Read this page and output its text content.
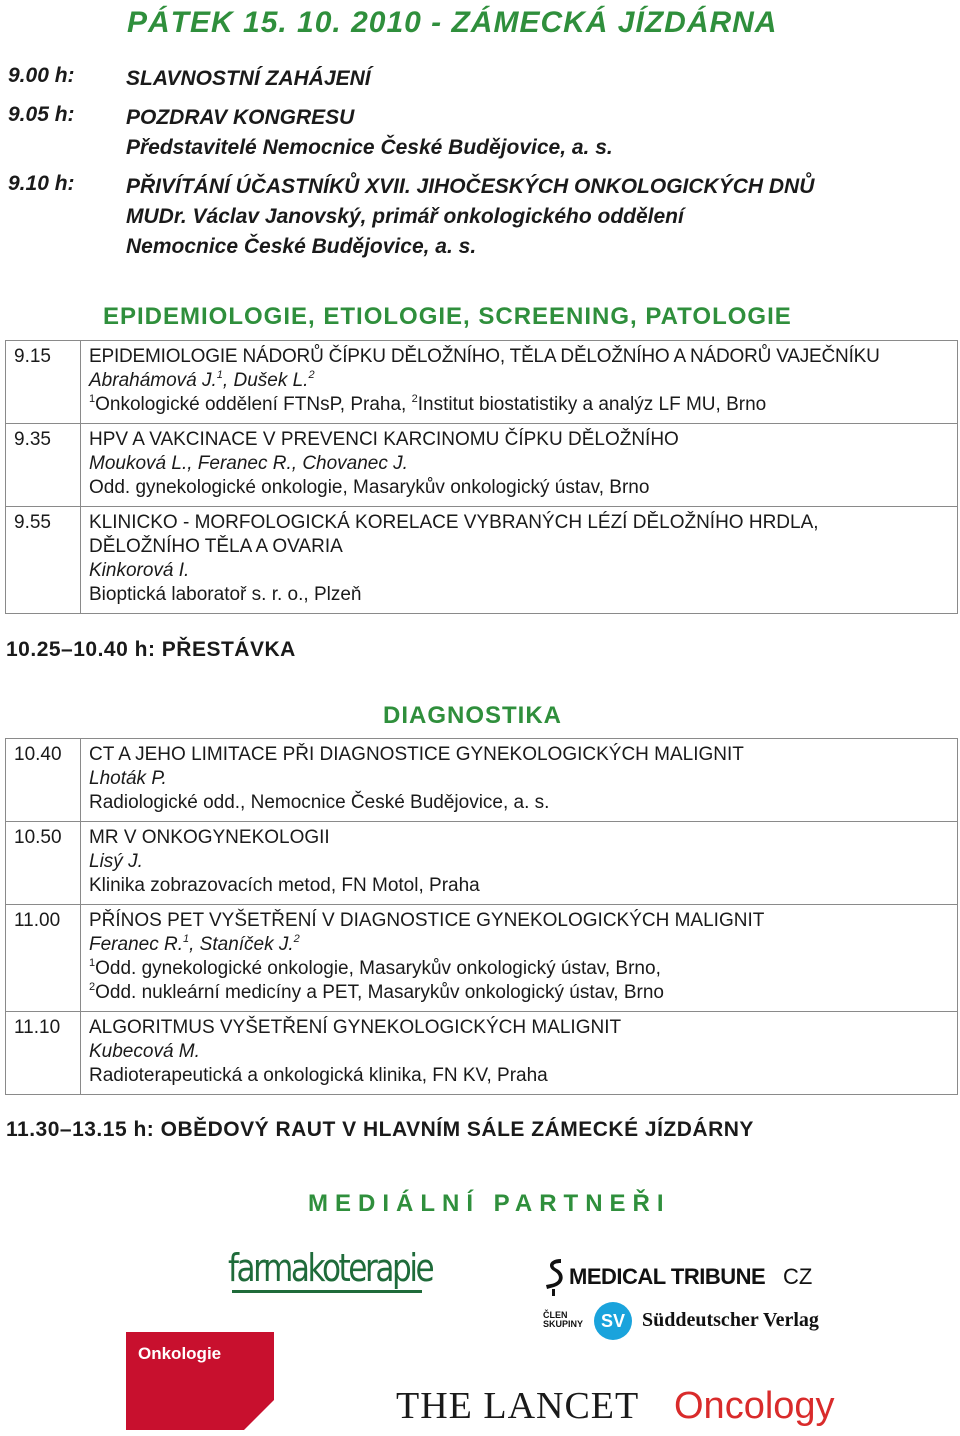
PÁTEK 15. 10. 2010 - ZÁMECKÁ JÍZDÁRNA
9.00 h:	SLAVNOSTNÍ ZAHÁJENÍ
9.05 h:	POZDRAV KONGRESU
Představitelé Nemocnice České Budějovice, a. s.
9.10 h:	PŘIVÍTÁNÍ ÚČASTNÍKŮ XVII. JIHOČESKÝCH ONKOLOGICKÝCH DNŮ
MUDr. Václav Janovský, primář onkologického oddělení
Nemocnice České Budějovice, a. s.
EPIDEMIOLOGIE, ETIOLOGIE, SCREENING, PATOLOGIE
9.15	EPIDEMIOLOGIE NÁDORŮ ČÍPKU DĚLOŽNÍHO, TĚLA DĚLOŽNÍHO A NÁDORŮ VAJEČNÍKU
Abrahámová J.$^1$, Dušek L.$^2$
$^1$Onkologické oddělení FTNsP, Praha, $^2$Institut biostatistiky a analýz LF MU, Brno

9.35	HPV A VAKCINACE V PREVENCI KARCINOMU ČÍPKU DĚLOŽNÍHO
Mouková L., Feranec R., Chovanec J.
Odd. gynekologické onkologie, Masarykův onkologický ústav, Brno

9.55	KLINICKO - MORFOLOGICKÁ KORELACE VYBRANÝCH LÉZÍ DĚLOŽNÍHO HRDLA,
DĚLOŽNÍHO TĚLA A OVARIA
Kinkorová I.
Bioptická laboratoř s. r. o., Plzeň
10.25–10.40 h: PŘESTÁVKA
DIAGNOSTIKA
10.40	CT A JEHO LIMITACE PŘI DIAGNOSTICE GYNEKOLOGICKÝCH MALIGNIT
Lhoták P.
Radiologické odd., Nemocnice České Budějovice, a. s.

10.50	MR V ONKOGYNEKOLOGII
Lisý J.
Klinika zobrazovacích metod, FN Motol, Praha

11.00	PŘÍNOS PET VYŠETŘENÍ V DIAGNOSTICE GYNEKOLOGICKÝCH MALIGNIT
Feranec R.$^1$, Staníček J.$^2$
$^1$Odd. gynekologické onkologie, Masarykův onkologický ústav, Brno,
$^2$Odd. nukleární medicíny a PET, Masarykův onkologický ústav, Brno

11.10	ALGORITMUS VYŠETŘENÍ GYNEKOLOGICKÝCH MALIGNIT
Kubecová M.
Radioterapeutická a onkologická klinika, FN KV, Praha
11.30–13.15 h: OBĚDOVÝ RAUT V HLAVNÍM SÁLE ZÁMECKÉ JÍZDÁRNY
MEDIÁLNÍ PARTNEŘI
farmakoterapie	MEDICAL TRIBUNE CZ
ČLEN
SKUPINY SV Süddeutscher Verlag
Onkologie
THE LANCET Oncology
